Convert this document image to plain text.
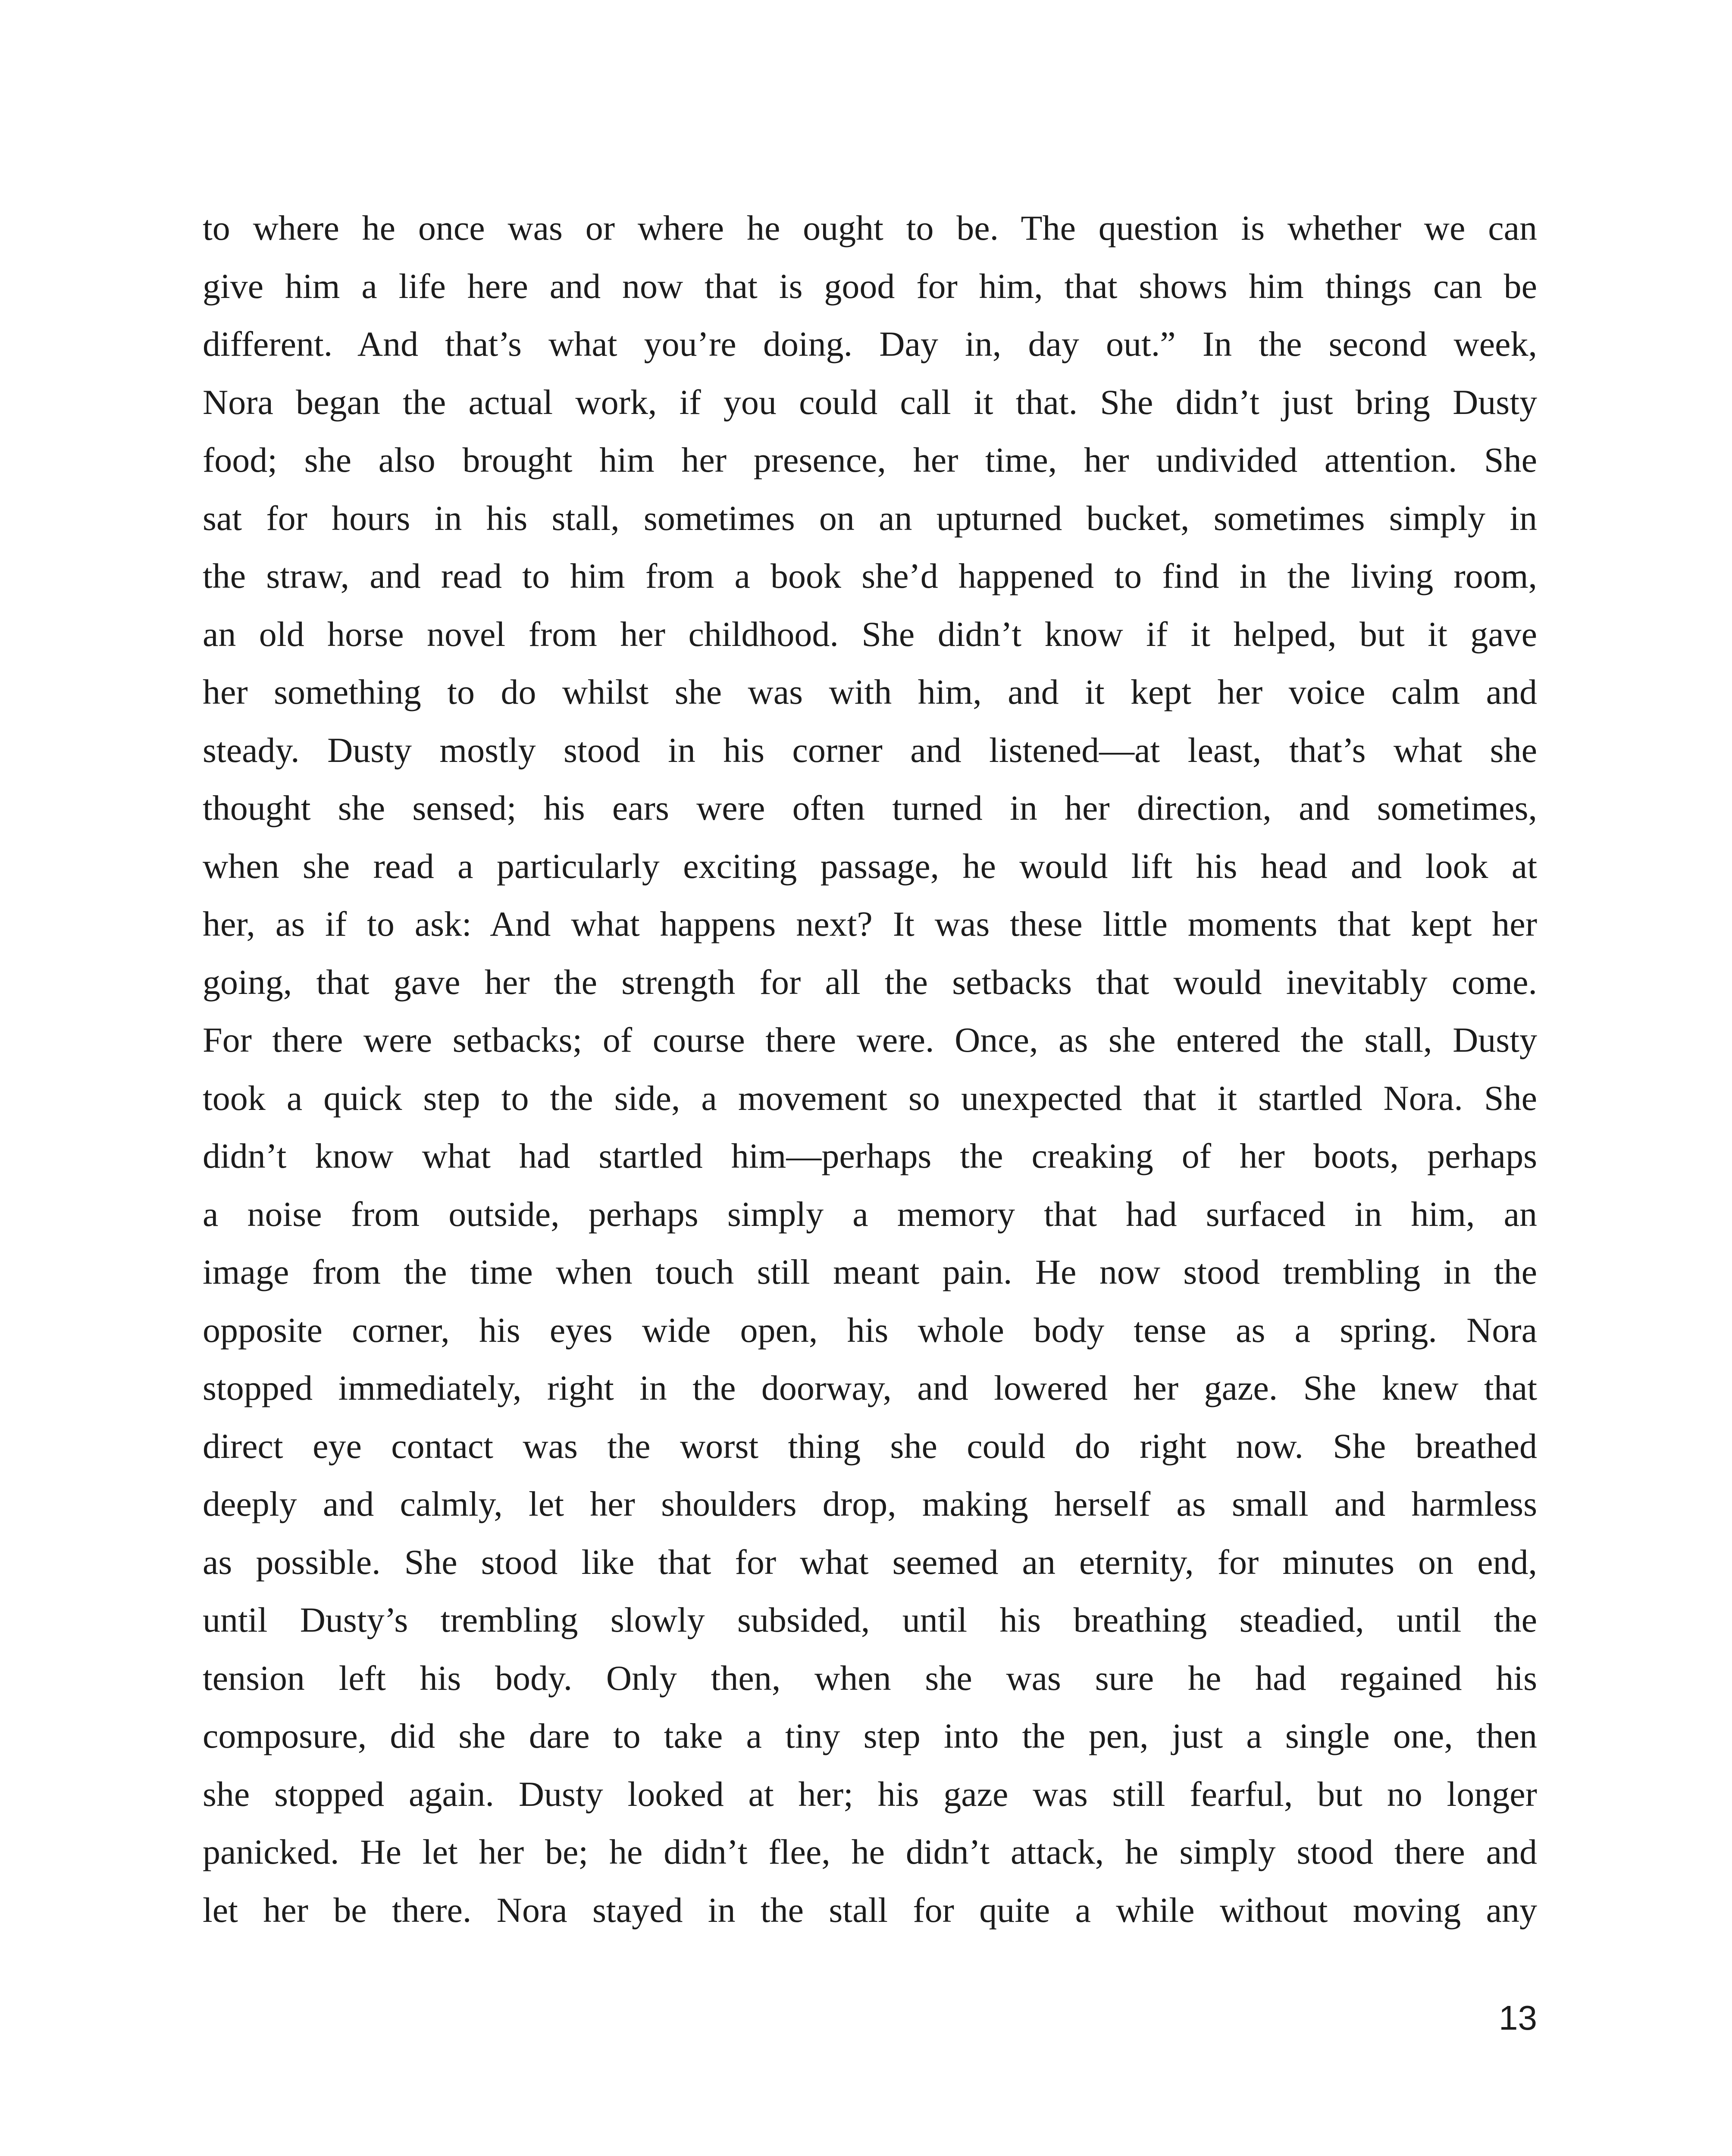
to where he once was or where he ought to be. The question is whether we can
give him a life here and now that is good for him, that shows him things can be
different. And that’s what you’re doing. Day in, day out.” In the second week,
Nora began the actual work, if you could call it that. She didn’t just bring Dusty
food; she also brought him her presence, her time, her undivided attention. She
sat for hours in his stall, sometimes on an upturned bucket, sometimes simply in
the straw, and read to him from a book she’d happened to find in the living room,
an old horse novel from her childhood. She didn’t know if it helped, but it gave
her something to do whilst she was with him, and it kept her voice calm and
steady. Dusty mostly stood in his corner and listened—at least, that’s what she
thought she sensed; his ears were often turned in her direction, and sometimes,
when she read a particularly exciting passage, he would lift his head and look at
her, as if to ask: And what happens next? It was these little moments that kept her
going, that gave her the strength for all the setbacks that would inevitably come.
For there were setbacks; of course there were. Once, as she entered the stall, Dusty
took a quick step to the side, a movement so unexpected that it startled Nora. She
didn’t know what had startled him—perhaps the creaking of her boots, perhaps
a noise from outside, perhaps simply a memory that had surfaced in him, an
image from the time when touch still meant pain. He now stood trembling in the
opposite corner, his eyes wide open, his whole body tense as a spring. Nora
stopped immediately, right in the doorway, and lowered her gaze. She knew that
direct eye contact was the worst thing she could do right now. She breathed
deeply and calmly, let her shoulders drop, making herself as small and harmless
as possible. She stood like that for what seemed an eternity, for minutes on end,
until Dusty’s trembling slowly subsided, until his breathing steadied, until the
tension left his body. Only then, when she was sure he had regained his
composure, did she dare to take a tiny step into the pen, just a single one, then
she stopped again. Dusty looked at her; his gaze was still fearful, but no longer
panicked. He let her be; he didn’t flee, he didn’t attack, he simply stood there and
let her be there. Nora stayed in the stall for quite a while without moving any
13
